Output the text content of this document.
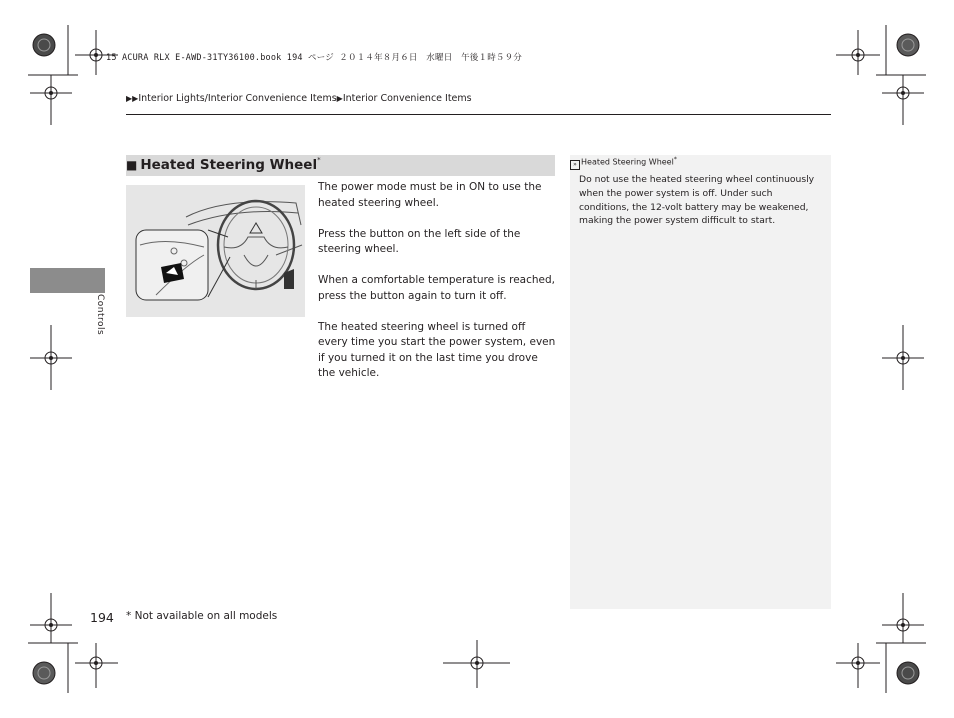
15 ACURA RLX E-AWD-31TY36100.book 194 ページ ２０１４年８月６日　水曜日　午後１時５９分
▶▶Interior Lights/Interior Convenience Items▶Interior Convenience Items
■ Heated Steering Wheel*

The power mode must be in ON to use the heated steering wheel.

Press the button on the left side of the steering wheel.

When a comfortable temperature is reached, press the button again to turn it off.

The heated steering wheel is turned off every time you start the power system, even if you turned it on the last time you drove the vehicle.

» Heated Steering Wheel*
Do not use the heated steering wheel continuously when the power system is off. Under such conditions, the 12-volt battery may be weakened, making the power system difficult to start.
Controls
194 * Not available on all models
